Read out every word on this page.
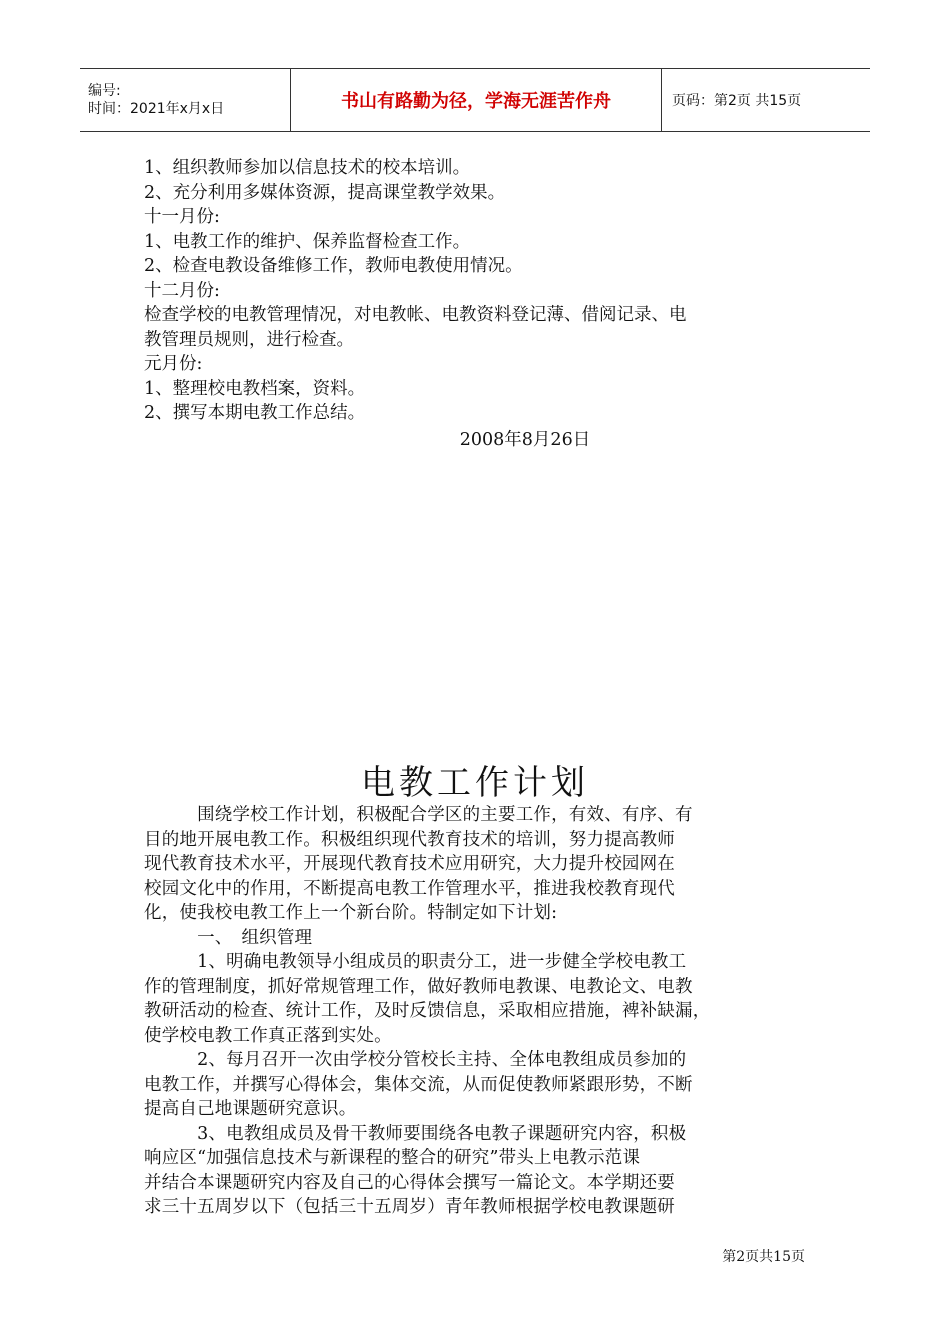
编号:
时间：2021年x月x日	书山有路勤为径，学海无涯苦作舟	页码：第2页 共15页
1、组织教师参加以信息技术的校本培训。
2、充分利用多媒体资源，提高课堂教学效果。
十一月份:
1、电教工作的维护、保养监督检查工作。
2、检查电教设备维修工作，教师电教使用情况。
十二月份:
检查学校的电教管理情况，对电教帐、电教资料登记薄、借阅记录、电
教管理员规则，进行检查。
元月份:
1、整理校电教档案，资料。
2、撰写本期电教工作总结。
2008年8月26日
电教工作计划
　　　围绕学校工作计划，积极配合学区的主要工作，有效、有序、有
目的地开展电教工作。积极组织现代教育技术的培训，努力提高教师
现代教育技术水平，开展现代教育技术应用研究，大力提升校园网在
校园文化中的作用，不断提高电教工作管理水平，推进我校教育现代
化，使我校电教工作上一个新台阶。特制定如下计划:
　　　一、　组织管理
　　　1、明确电教领导小组成员的职责分工，进一步健全学校电教工
作的管理制度，抓好常规管理工作，做好教师电教课、电教论文、电教
教研活动的检查、统计工作，及时反馈信息，采取相应措施，裨补缺漏，
使学校电教工作真正落到实处。
　　　2、每月召开一次由学校分管校长主持、全体电教组成员参加的
电教工作，并撰写心得体会，集体交流，从而促使教师紧跟形势，不断
提高自己地课题研究意识。
　　　3、电教组成员及骨干教师要围绕各电教子课题研究内容，积极
响应区“加强信息技术与新课程的整合的研究”带头上电教示范课
并结合本课题研究内容及自己的心得体会撰写一篇论文。本学期还要
求三十五周岁以下（包括三十五周岁）青年教师根据学校电教课题研
第2页共15页
